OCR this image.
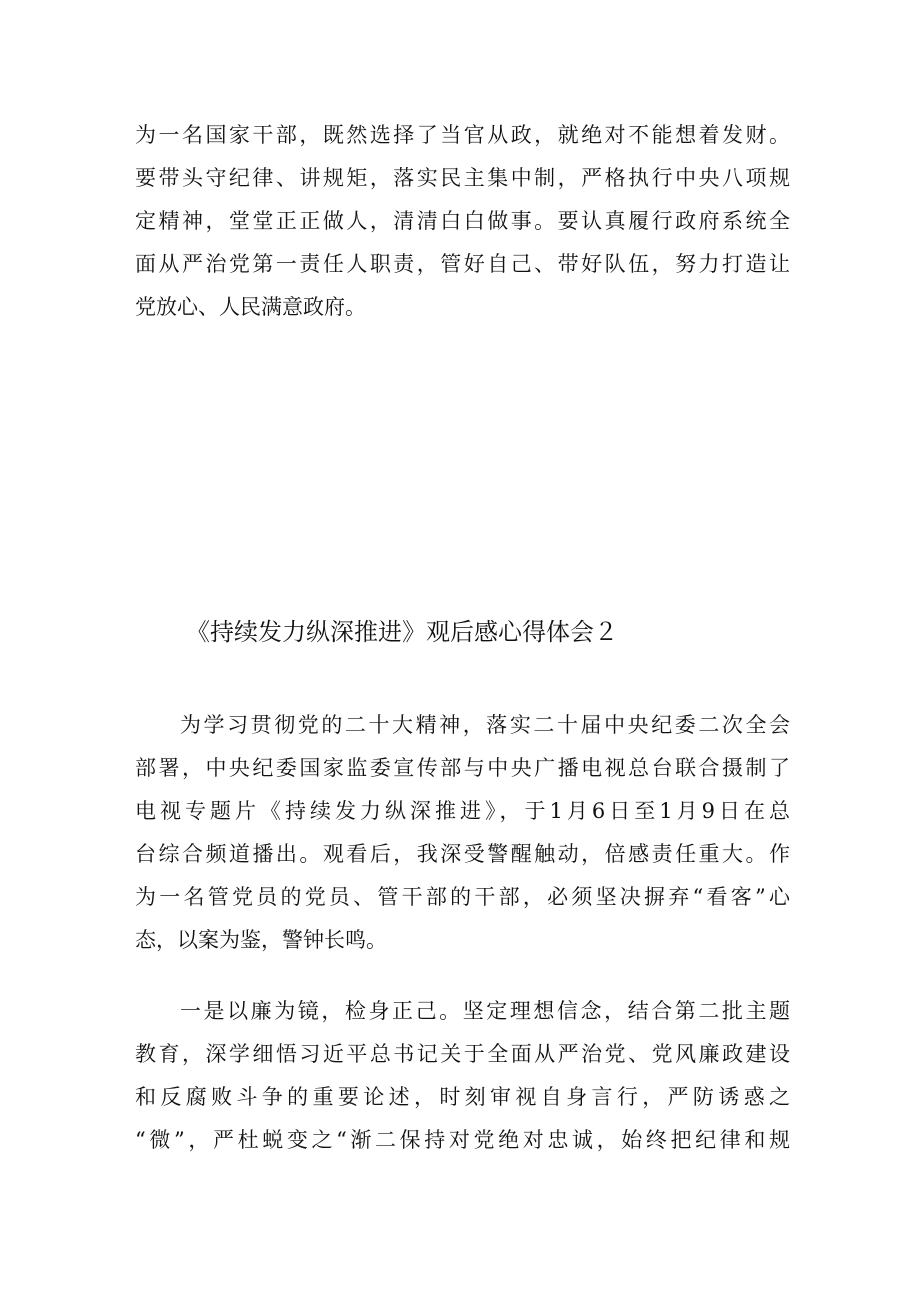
为一名国家干部，既然选择了当官从政，就绝对不能想着发财。
要带头守纪律、讲规矩，落实民主集中制，严格执行中央八项规
定精神，堂堂正正做人，清清白白做事。要认真履行政府系统全
面从严治党第一责任人职责，管好自己、带好队伍，努力打造让
党放心、人民满意政府。
《持续发力纵深推进》观后感心得体会２
为学习贯彻党的二十大精神，落实二十届中央纪委二次全会
部署，中央纪委国家监委宣传部与中央广播电视总台联合摄制了
电视专题片《持续发力纵深推进》，于1月6日至1月9日在总
台综合频道播出。观看后，我深受警醒触动，倍感责任重大。作
为一名管党员的党员、管干部的干部，必须坚决摒弃“看客”心
态，以案为鉴，警钟长鸣。
一是以廉为镜，检身正己。坚定理想信念，结合第二批主题
教育，深学细悟习近平总书记关于全面从严治党、党风廉政建设
和反腐败斗争的重要论述，时刻审视自身言行，严防诱惑之
“微”，严杜蜕变之“渐二保持对党绝对忠诚，始终把纪律和规
